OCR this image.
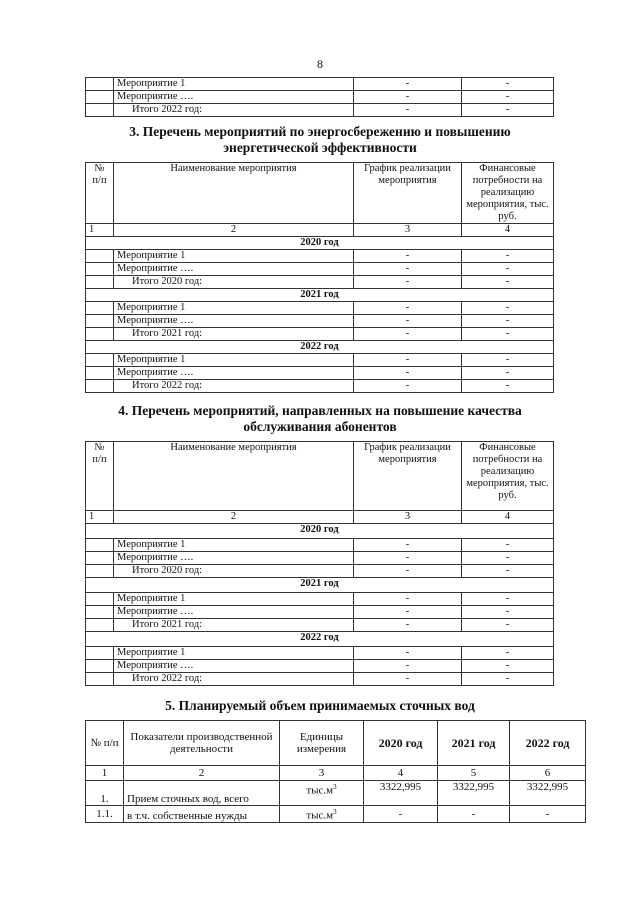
8
	Мероприятие 1	-	-
	Мероприятие ….	-	-
	Итого 2022 год:	-	-
3. Перечень мероприятий по энергосбережению и повышению
энергетической эффективности
№ п/п	Наименование мероприятия	График реализации мероприятия	Финансовые потребности на реализацию мероприятия, тыс. руб.
1	2	3	4
2020 год			
	Мероприятие 1	-	-
	Мероприятие ….	-	-
	Итого 2020 год:	-	-
2021 год			
	Мероприятие 1	-	-
	Мероприятие ….	-	-
	Итого 2021 год:	-	-
2022 год			
	Мероприятие 1	-	-
	Мероприятие ….	-	-
	Итого 2022 год:	-	-
4. Перечень мероприятий, направленных на повышение качества
обслуживания абонентов
№ п/п	Наименование мероприятия	График реализации мероприятия	Финансовые потребности на реализацию мероприятия, тыс. руб.
1	2	3	4
2020 год			
	Мероприятие 1	-	-
	Мероприятие ….	-	-
	Итого 2020 год:	-	-
2021 год			
	Мероприятие 1	-	-
	Мероприятие ….	-	-
	Итого 2021 год:	-	-
2022 год			
	Мероприятие 1	-	-
	Мероприятие ….	-	-
	Итого 2022 год:	-	-
5. Планируемый объем принимаемых сточных вод
№ п/п	Показатели производственной деятельности	Единицы измерения	2020 год	2021 год	2022 год
1	2	3	4	5	6
1.	Прием сточных вод, всего	$тыс.м^3$	3322,995	3322,995	3322,995
1.1.	в т.ч. собственные нужды	$тыс.м^3$	-	-	-
